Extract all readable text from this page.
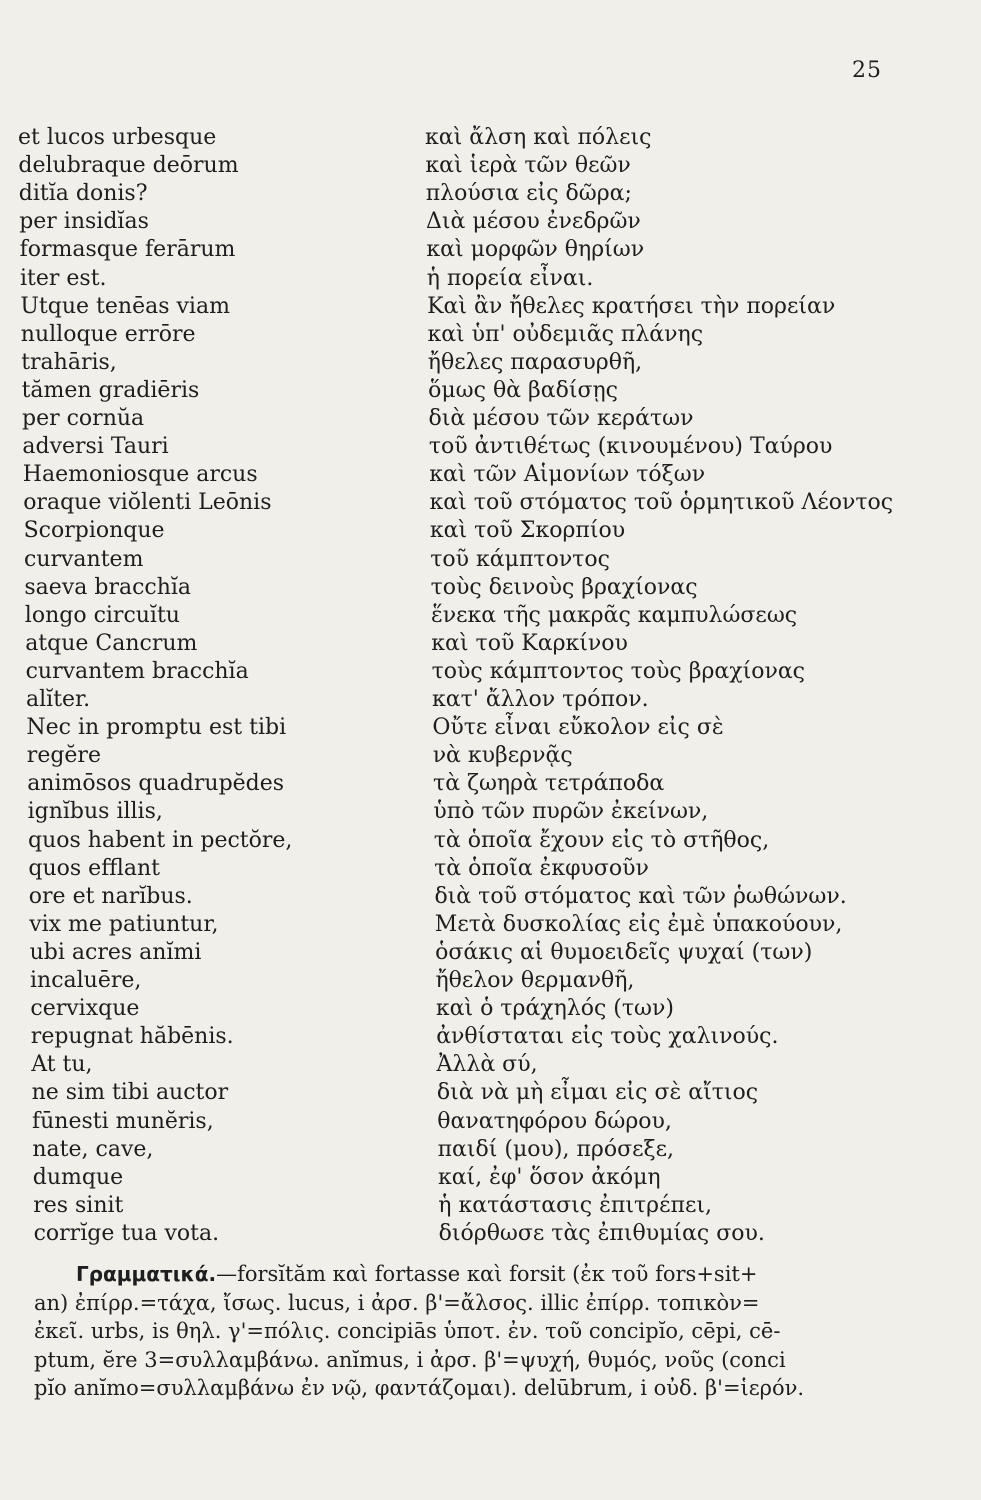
25
et lucos urbesque
delubraque deōrum
ditĭa donis?
per insidĭas
formasque ferārum
iter est.
Utque tenēas viam
nulloque errōre
trahāris,
tămen gradiēris
per cornŭa
adversi Tauri
Haemoniosque arcus
oraque viŏlenti Leōnis
Scorpionque
curvantem
saeva bracchĭa
longo circuĭtu
atque Cancrum
curvantem bracchĭa
alĭter.
Nec in promptu est tibi
regĕre
animōsos quadrupĕdes
ignĭbus illis,
quos habent in pectŏre,
quos efflant
ore et narĭbus.
vix me patiuntur,
ubi acres anĭmi
incaluēre,
cervixque
repugnat hăbēnis.
At tu,
ne sim tibi auctor
fūnesti munĕris,
nate, cave,
dumque
res sinit
corrĭge tua vota.
καὶ ἄλση καὶ πόλεις
καὶ ἱερὰ τῶν θεῶν
πλούσια εἰς δῶρα;
Διὰ μέσου ἐνεδρῶν
καὶ μορφῶν θηρίων
ἡ πορεία εἶναι.
Καὶ ἂν ἤθελες κρατήσει τὴν πορείαν
καὶ ὑπ' οὐδεμιᾶς πλάνης
ἤθελες παρασυρθῆ,
ὅμως θὰ βαδίσῃς
διὰ μέσου τῶν κεράτων
τοῦ ἀντιθέτως (κινουμένου) Ταύρου
καὶ τῶν Αἱμονίων τόξων
καὶ τοῦ στόματος τοῦ ὁρμητικοῦ Λέοντος
καὶ τοῦ Σκορπίου
τοῦ κάμπτοντος
τοὺς δεινοὺς βραχίονας
ἕνεκα τῆς μακρᾶς καμπυλώσεως
καὶ τοῦ Καρκίνου
τοὺς κάμπτοντος τοὺς βραχίονας
κατ' ἄλλον τρόπον.
Οὔτε εἶναι εὔκολον εἰς σὲ
νὰ κυβερνᾷς
τὰ ζωηρὰ τετράποδα
ὑπὸ τῶν πυρῶν ἐκείνων,
τὰ ὁποῖα ἔχουν εἰς τὸ στῆθος,
τὰ ὁποῖα ἐκφυσοῦν
διὰ τοῦ στόματος καὶ τῶν ῥωθώνων.
Μετὰ δυσκολίας εἰς ἐμὲ ὑπακούουν,
ὁσάκις αἱ θυμοειδεῖς ψυχαί (των)
ἤθελον θερμανθῆ,
καὶ ὁ τράχηλός (των)
ἀνθίσταται εἰς τοὺς χαλινούς.
Ἀλλὰ σύ,
διὰ νὰ μὴ εἶμαι εἰς σὲ αἴτιος
θανατηφόρου δώρου,
παιδί (μου), πρόσεξε,
καί, ἐφ' ὅσον ἀκόμη
ἡ κατάστασις ἐπιτρέπει,
διόρθωσε τὰς ἐπιθυμίας σου.
Γραμματικά.—forsĭtăm καὶ fortasse καὶ forsit (ἐκ τοῦ fors+sit+
an) ἐπίρρ.=τάχα, ἴσως. lucus, i ἀρσ. β'=ἄλσος. illic ἐπίρρ. τοπικὸν=
ἐκεῖ. urbs, is θηλ. γ'=πόλις. concipiās ὑποτ. ἐν. τοῦ concipĭo, cēpi, cē-
ptum, ĕre 3=συλλαμβάνω. anĭmus, i ἀρσ. β'=ψυχή, θυμός, νοῦς (conci
pĭo anĭmo=συλλαμβάνω ἐν νῷ, φαντάζομαι). delūbrum, i οὐδ. β'=ἱερόν.
